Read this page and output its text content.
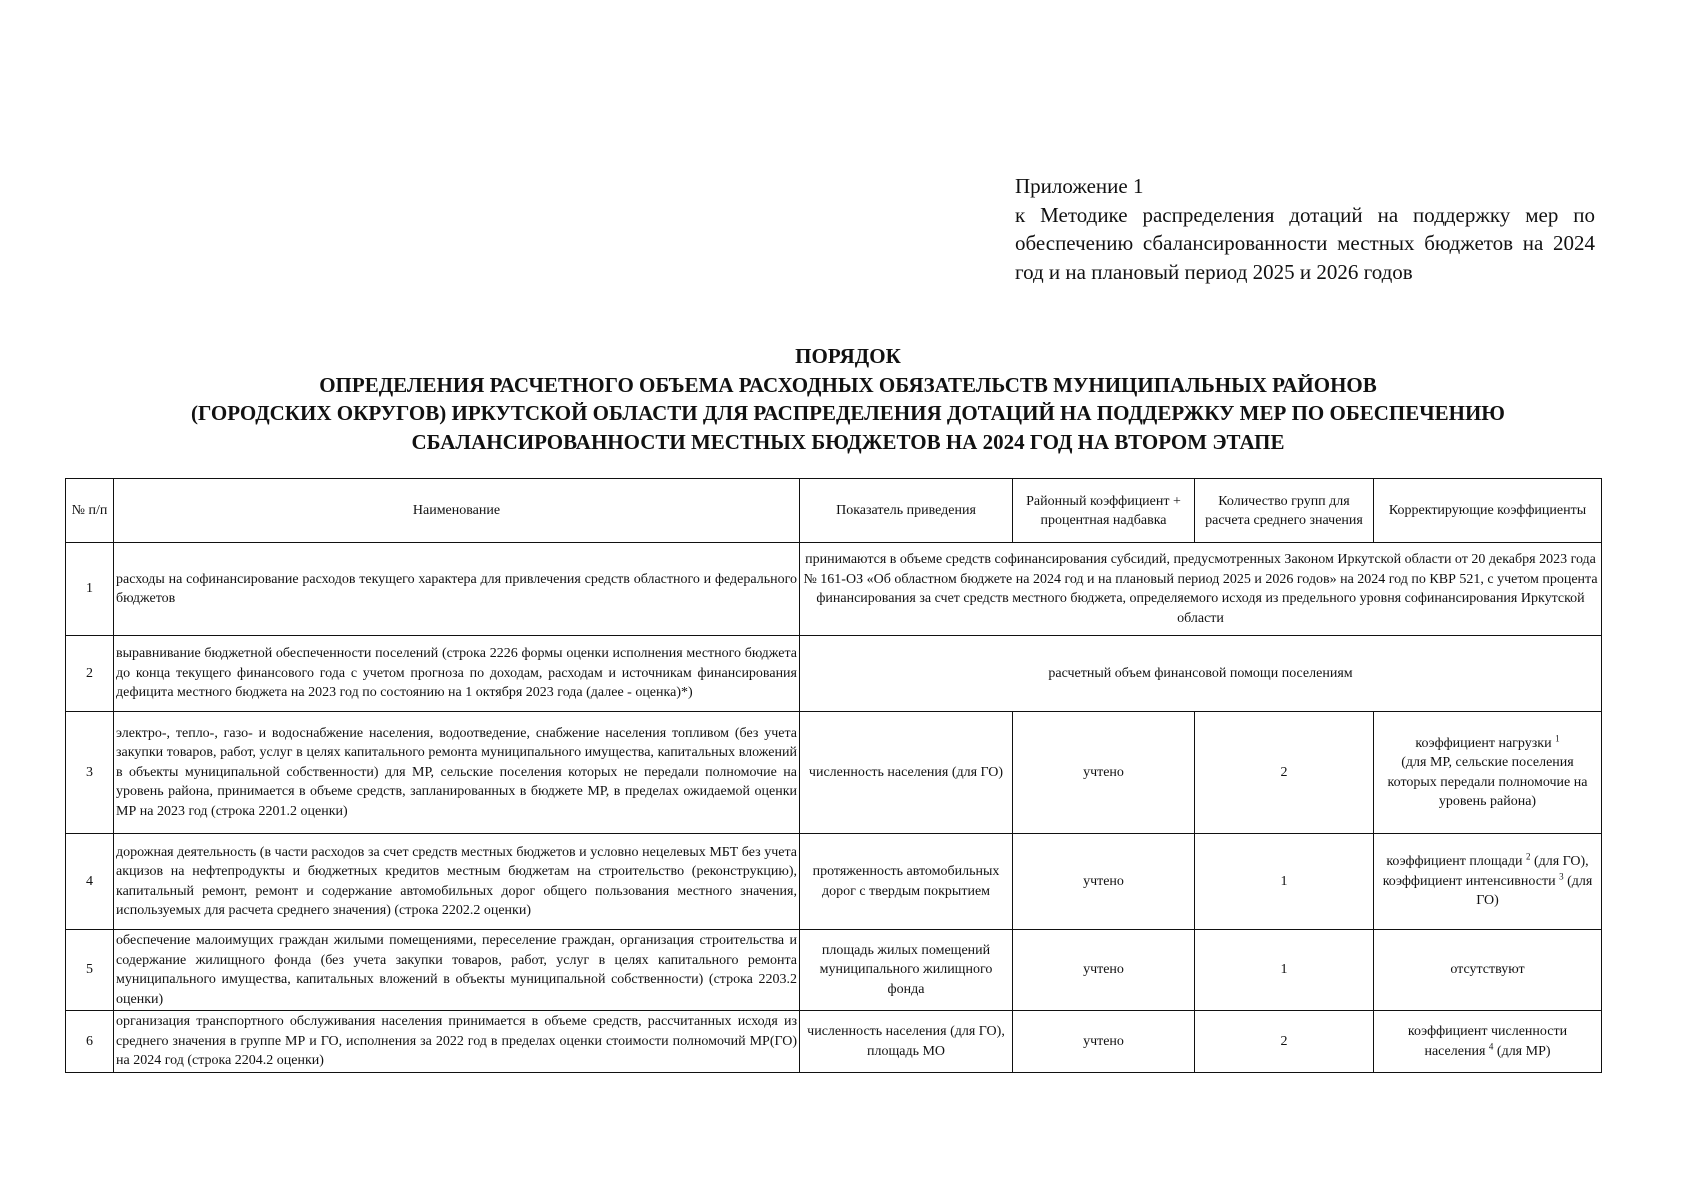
Приложение 1
к Методике распределения дотаций на поддержку мер по обеспечению сбалансированности местных бюджетов на 2024 год и на плановый период 2025 и 2026 годов
ПОРЯДОК
ОПРЕДЕЛЕНИЯ РАСЧЕТНОГО ОБЪЕМА РАСХОДНЫХ ОБЯЗАТЕЛЬСТВ МУНИЦИПАЛЬНЫХ РАЙОНОВ
(ГОРОДСКИХ ОКРУГОВ) ИРКУТСКОЙ ОБЛАСТИ ДЛЯ РАСПРЕДЕЛЕНИЯ ДОТАЦИЙ НА ПОДДЕРЖКУ МЕР ПО ОБЕСПЕЧЕНИЮ
СБАЛАНСИРОВАННОСТИ МЕСТНЫХ БЮДЖЕТОВ НА 2024 ГОД НА ВТОРОМ ЭТАПЕ
№ п/п	Наименование	Показатель приведения	Районный коэффициент + процентная надбавка	Количество групп для расчета среднего значения	Корректирующие коэффициенты
1	расходы на софинансирование расходов текущего характера для привлечения средств областного и федерального бюджетов	принимаются в объеме средств софинансирования субсидий, предусмотренных Законом Иркутской области от 20 декабря 2023 года № 161-ОЗ «Об областном бюджете на 2024 год и на плановый период 2025 и 2026 годов» на 2024 год по КВР 521, с учетом процента финансирования за счет средств местного бюджета, определяемого исходя из предельного уровня софинансирования Иркутской области			
2	выравнивание бюджетной обеспеченности поселений (строка 2226 формы оценки исполнения местного бюджета до конца текущего финансового года с учетом прогноза по доходам, расходам и источникам финансирования дефицита местного бюджета на 2023 год по состоянию на 1 октября 2023 года (далее - оценка)*)	расчетный объем финансовой помощи поселениям			
3	электро-, тепло-, газо- и водоснабжение населения, водоотведение, снабжение населения топливом (без учета закупки товаров, работ, услуг в целях капитального ремонта муниципального имущества, капитальных вложений в объекты муниципальной собственности) для МР, сельские поселения которых не передали полномочие на уровень района, принимается в объеме средств, запланированных в бюджете МР, в пределах ожидаемой оценки МР на 2023 год (строка 2201.2 оценки)	численность населения (для ГО)	учтено	2	коэффициент нагрузки $^1$
(для МР, сельские поселения которых передали полномочие на уровень района)
4	дорожная деятельность (в части расходов за счет средств местных бюджетов и условно нецелевых МБТ без учета акцизов на нефтепродукты и бюджетных кредитов местным бюджетам на строительство (реконструкцию), капитальный ремонт, ремонт и содержание автомобильных дорог общего пользования местного значения, используемых для расчета среднего значения) (строка 2202.2 оценки)	протяженность автомобильных дорог с твердым покрытием	учтено	1	коэффициент площади $^2$ (для ГО), коэффициент интенсивности $^3$ (для ГО)
5	обеспечение малоимущих граждан жилыми помещениями, переселение граждан, организация строительства и содержание жилищного фонда (без учета закупки товаров, работ, услуг в целях капитального ремонта муниципального имущества, капитальных вложений в объекты муниципальной собственности) (строка 2203.2 оценки)	площадь жилых помещений муниципального жилищного фонда	учтено	1	отсутствуют
6	организация транспортного обслуживания населения принимается в объеме средств, рассчитанных исходя из среднего значения в группе МР и ГО, исполнения за 2022 год в пределах оценки стоимости полномочий МР(ГО) на 2024 год (строка 2204.2 оценки)	численность населения (для ГО), площадь МО	учтено	2	коэффициент численности населения $^4$ (для МР)
